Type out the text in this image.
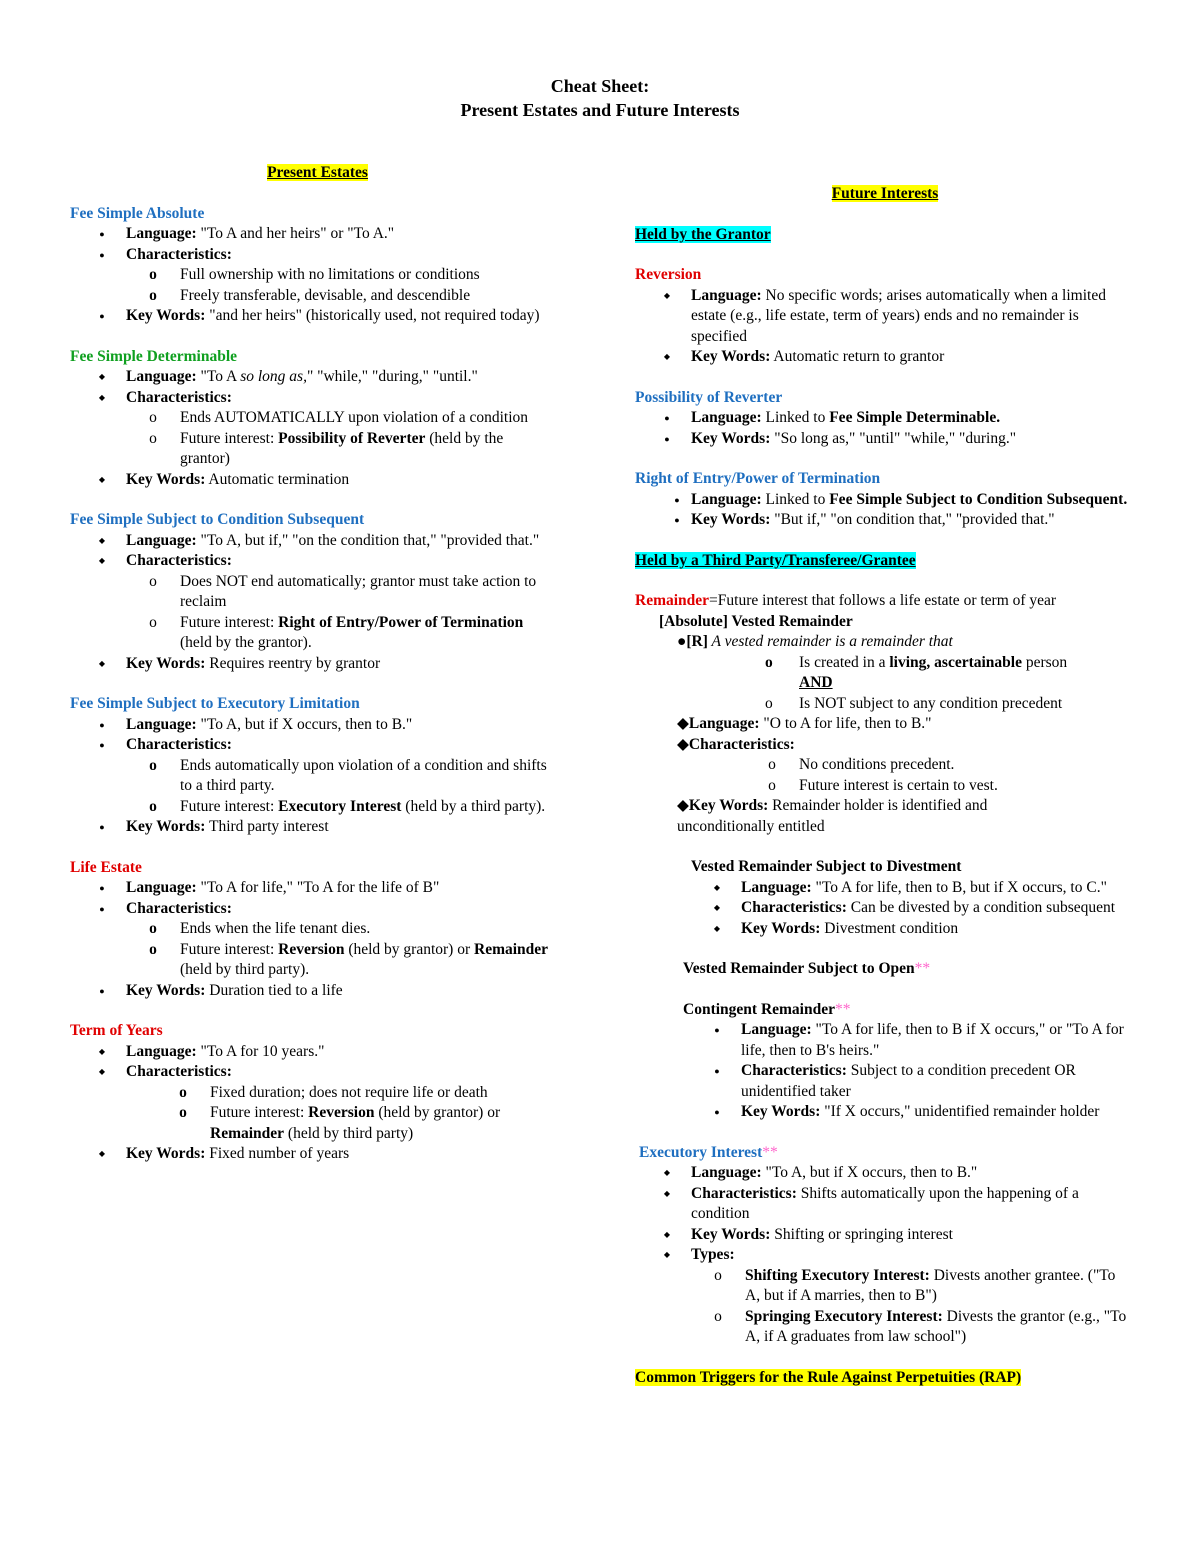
Cheat Sheet:
Present Estates and Future Interests
Present Estates
Fee Simple Absolute
● Language: "To A and her heirs" or "To A."
● Characteristics:
o Full ownership with no limitations or conditions
o Freely transferable, devisable, and descendible
● Key Words: "and her heirs" (historically used, not required today)
Fee Simple Determinable
◆ Language: "To A so long as," "while," "during," "until."
◆ Characteristics:
o Ends AUTOMATICALLY upon violation of a condition
o Future interest: Possibility of Reverter (held by the grantor)
◆ Key Words: Automatic termination
Fee Simple Subject to Condition Subsequent
◆ Language: "To A, but if," "on the condition that," "provided that."
◆ Characteristics:
o Does NOT end automatically; grantor must take action to reclaim
o Future interest: Right of Entry/Power of Termination (held by the grantor).
◆ Key Words: Requires reentry by grantor
Fee Simple Subject to Executory Limitation
● Language: "To A, but if X occurs, then to B."
● Characteristics:
o Ends automatically upon violation of a condition and shifts to a third party.
o Future interest: Executory Interest (held by a third party).
● Key Words: Third party interest
Life Estate
● Language: "To A for life," "To A for the life of B"
● Characteristics:
o Ends when the life tenant dies.
o Future interest: Reversion (held by grantor) or Remainder (held by third party).
● Key Words: Duration tied to a life
Term of Years
◆ Language: "To A for 10 years."
◆ Characteristics:
o Fixed duration; does not require life or death
o Future interest: Reversion (held by grantor) or Remainder (held by third party)
◆ Key Words: Fixed number of years
Future Interests
Held by the Grantor
Reversion
◆ Language: No specific words; arises automatically when a limited estate (e.g., life estate, term of years) ends and no remainder is specified
◆ Key Words: Automatic return to grantor
Possibility of Reverter
● Language: Linked to Fee Simple Determinable.
● Key Words: "So long as," "until" "while," "during."
Right of Entry/Power of Termination
● Language: Linked to Fee Simple Subject to Condition Subsequent.
● Key Words: "But if," "on condition that," "provided that."
Held by a Third Party/Transferee/Grantee
Remainder=Future interest that follows a life estate or term of year
[Absolute] Vested Remainder
●[R] A vested remainder is a remainder that
o Is created in a living, ascertainable person
AND
o Is NOT subject to any condition precedent
◆Language: "O to A for life, then to B."
◆Characteristics:
o No conditions precedent.
o Future interest is certain to vest.
◆Key Words: Remainder holder is identified and unconditionally entitled
Vested Remainder Subject to Divestment
◆ Language: "To A for life, then to B, but if X occurs, to C."
◆ Characteristics: Can be divested by a condition subsequent
◆ Key Words: Divestment condition
Vested Remainder Subject to Open**
Contingent Remainder**
● Language: "To A for life, then to B if X occurs," or "To A for life, then to B's heirs."
● Characteristics: Subject to a condition precedent OR unidentified taker
● Key Words: "If X occurs," unidentified remainder holder
Executory Interest**
◆ Language: "To A, but if X occurs, then to B."
◆ Characteristics: Shifts automatically upon the happening of a condition
◆ Key Words: Shifting or springing interest
◆ Types:
o Shifting Executory Interest: Divests another grantee. ("To A, but if A marries, then to B")
o Springing Executory Interest: Divests the grantor (e.g., "To A, if A graduates from law school")
Common Triggers for the Rule Against Perpetuities (RAP)
